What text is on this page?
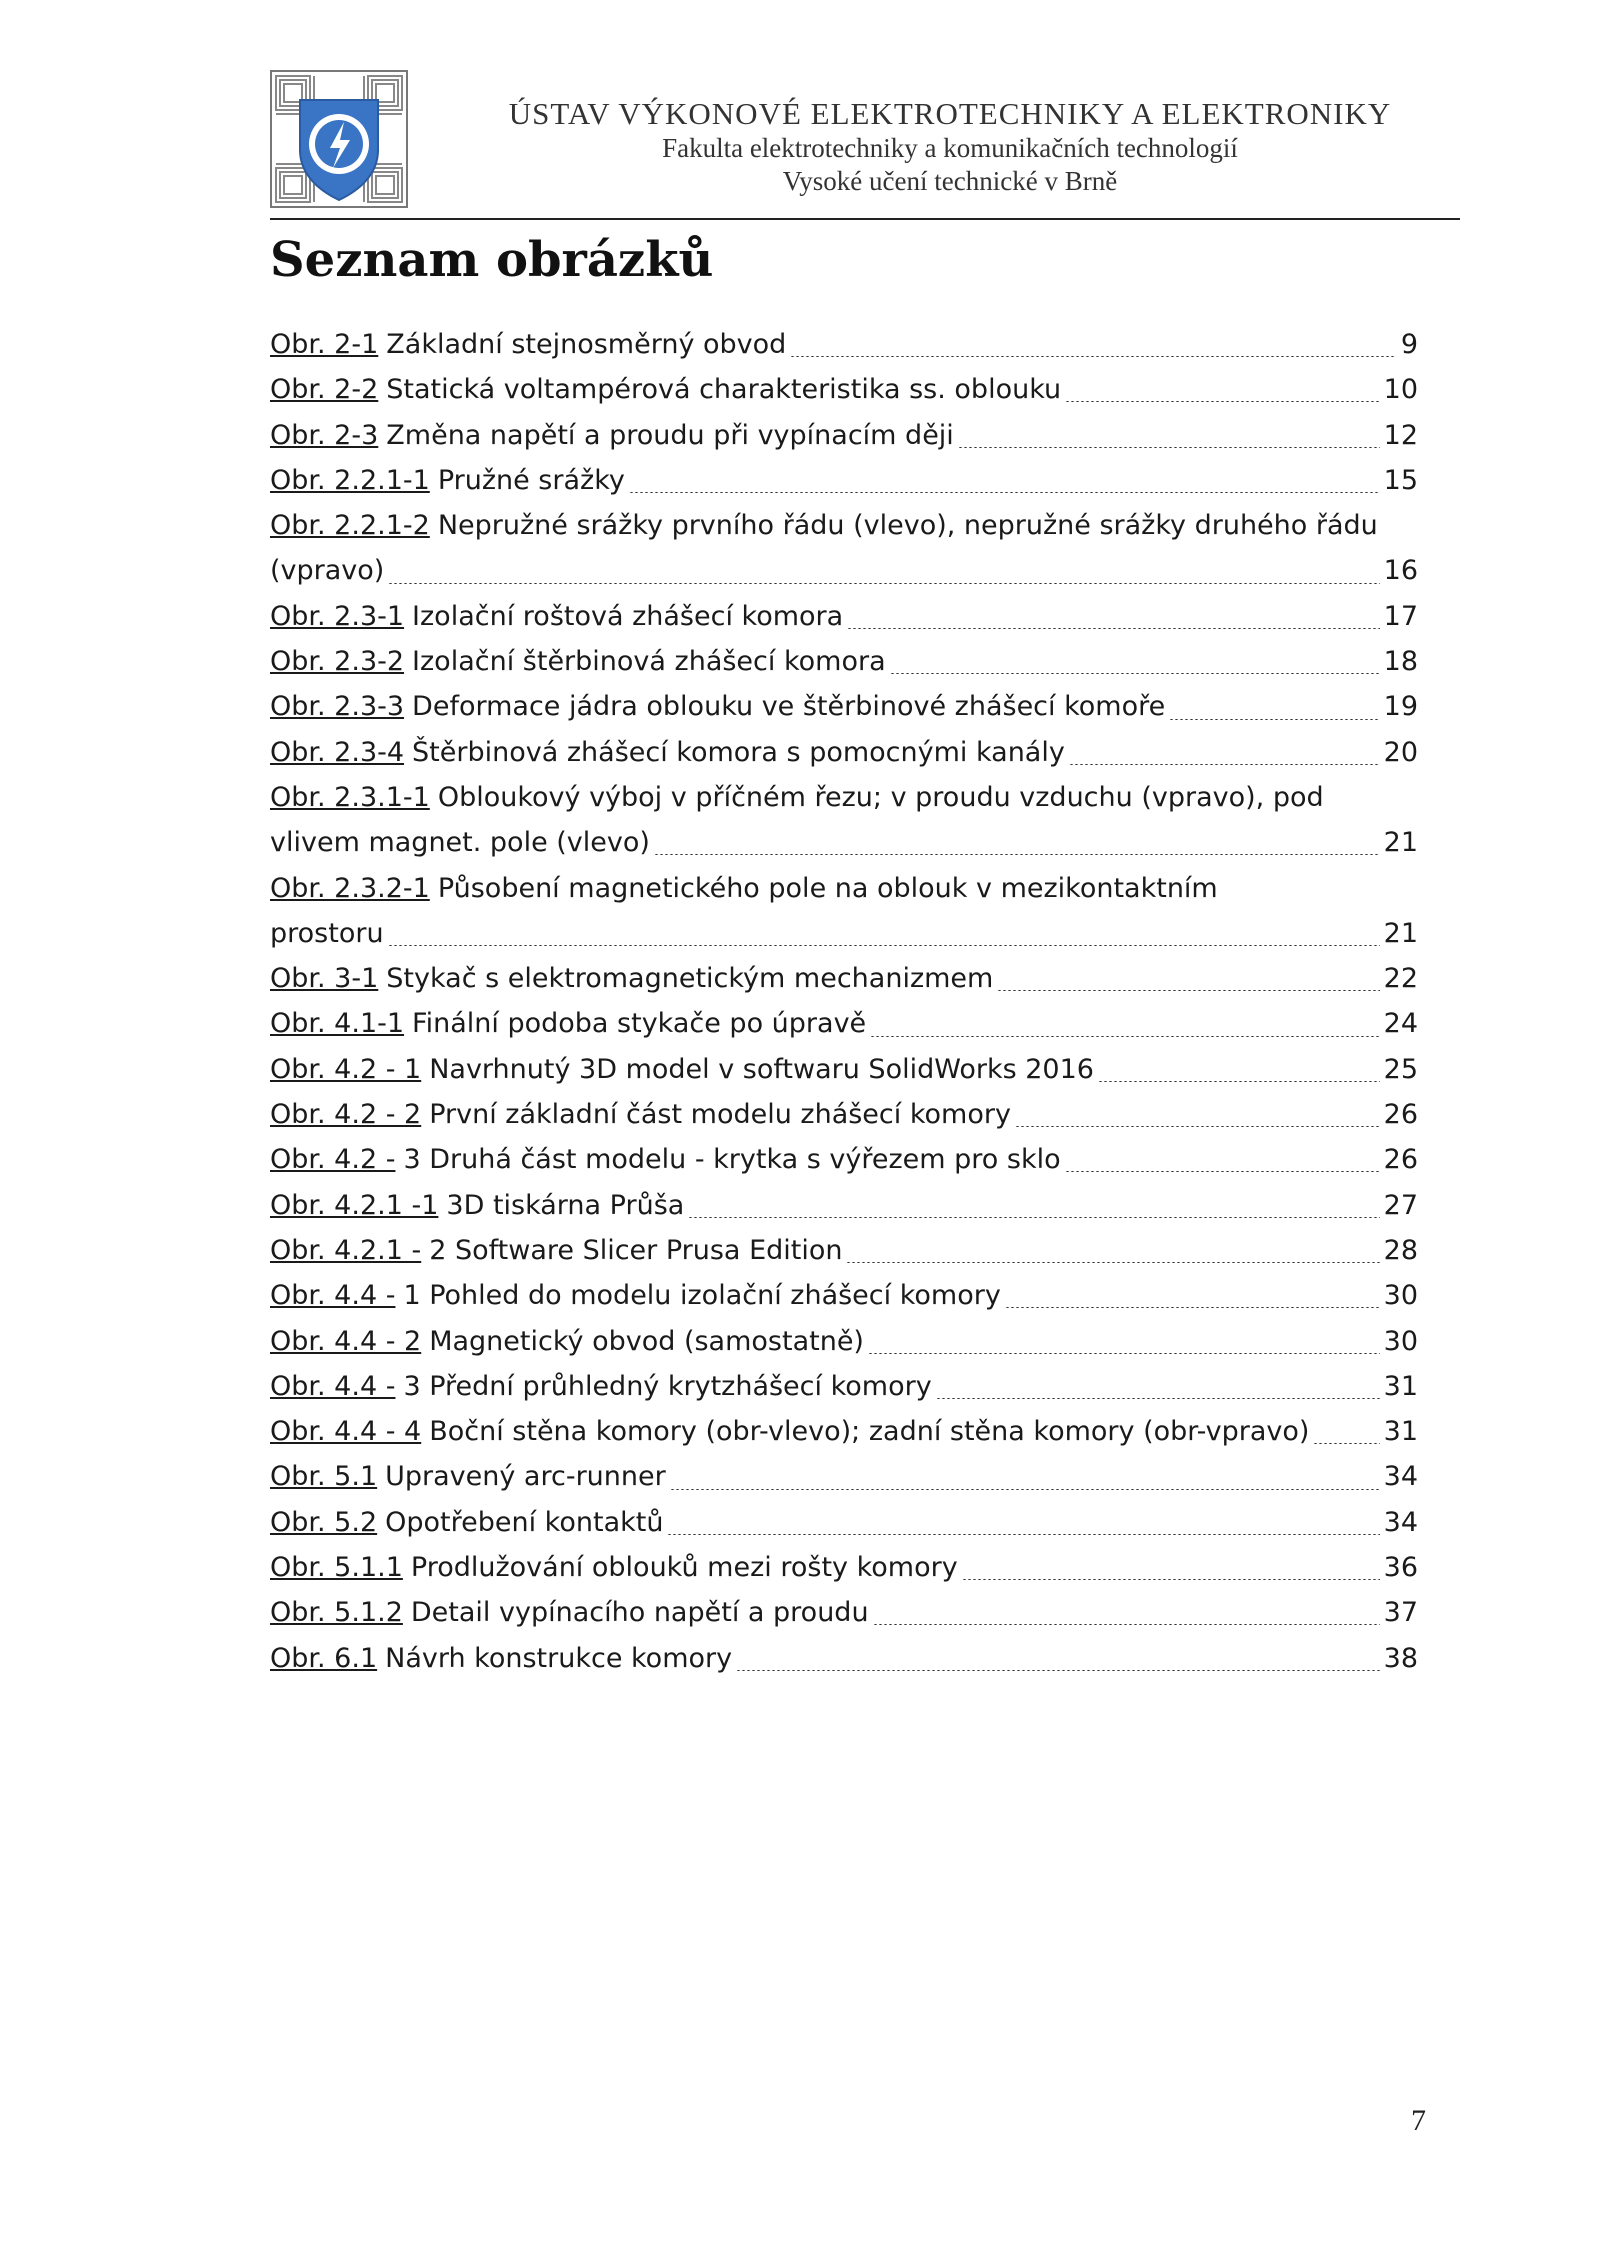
ÚSTAV VÝKONOVÉ ELEKTROTECHNIKY A ELEKTRONIKY
Fakulta elektrotechniky a komunikačních technologií
Vysoké učení technické v Brně
Seznam obrázků
Obr. 2-1 Základní stejnosměrný obvod	9
Obr. 2-2 Statická voltampérová charakteristika ss. oblouku	10
Obr. 2-3 Změna napětí a proudu při vypínacím ději	12
Obr. 2.2.1-1 Pružné srážky	15
Obr. 2.2.1-2 Nepružné srážky prvního řádu (vlevo), nepružné srážky druhého řádu
(vpravo)	16
Obr. 2.3-1 Izolační roštová zhášecí komora	17
Obr. 2.3-2 Izolační štěrbinová zhášecí komora	18
Obr. 2.3-3 Deformace jádra oblouku ve štěrbinové zhášecí komoře	19
Obr. 2.3-4 Štěrbinová zhášecí komora s pomocnými kanály	20
Obr. 2.3.1-1 Obloukový výboj v příčném řezu; v proudu vzduchu (vpravo), pod
vlivem magnet. pole (vlevo)	21
Obr. 2.3.2-1 Působení magnetického pole na oblouk v mezikontaktním
prostoru	21
Obr. 3-1 Stykač s elektromagnetickým mechanizmem	22
Obr. 4.1-1 Finální podoba stykače po úpravě	24
Obr. 4.2 - 1 Navrhnutý 3D model v softwaru SolidWorks 2016	25
Obr. 4.2 - 2 První základní část modelu zhášecí komory	26
Obr. 4.2 - 3 Druhá část modelu - krytka s výřezem pro sklo	26
Obr. 4.2.1 -1 3D tiskárna Průša	27
Obr. 4.2.1 - 2 Software Slicer Prusa Edition	28
Obr. 4.4 - 1 Pohled do modelu izolační zhášecí komory	30
Obr. 4.4 - 2 Magnetický obvod (samostatně)	30
Obr. 4.4 - 3 Přední průhledný krytzhášecí komory	31
Obr. 4.4 - 4 Boční stěna komory (obr-vlevo); zadní stěna komory (obr-vpravo)	31
Obr. 5.1 Upravený arc-runner	34
Obr. 5.2 Opotřebení kontaktů	34
Obr. 5.1.1 Prodlužování oblouků mezi rošty komory	36
Obr. 5.1.2 Detail vypínacího napětí a proudu	37
Obr. 6.1 Návrh konstrukce komory	38
7
